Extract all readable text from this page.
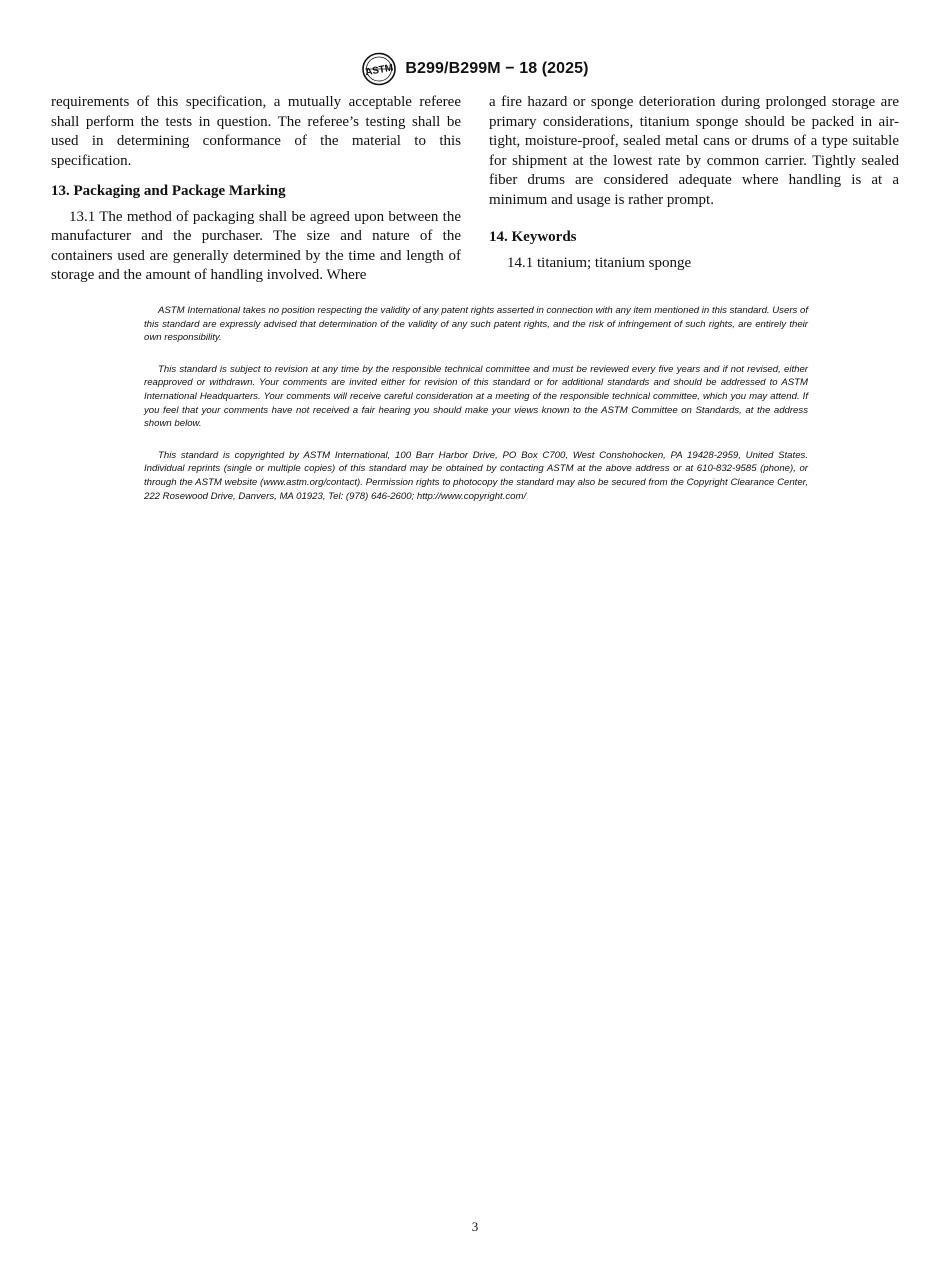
ASTM B299/B299M − 18 (2025)

requirements of this specification, a mutually acceptable referee shall perform the tests in question. The referee’s testing shall be used in determining conformance of the material to this specification.

13. Packaging and Package Marking

13.1 The method of packaging shall be agreed upon between the manufacturer and the purchaser. The size and nature of the containers used are generally determined by the time and length of storage and the amount of handling involved. Where

a fire hazard or sponge deterioration during prolonged storage are primary considerations, titanium sponge should be packed in air-tight, moisture-proof, sealed metal cans or drums of a type suitable for shipment at the lowest rate by common carrier. Tightly sealed fiber drums are considered adequate where handling is at a minimum and usage is rather prompt.

14. Keywords

14.1 titanium; titanium sponge

ASTM International takes no position respecting the validity of any patent rights asserted in connection with any item mentioned in this standard. Users of this standard are expressly advised that determination of the validity of any such patent rights, and the risk of infringement of such rights, are entirely their own responsibility.

This standard is subject to revision at any time by the responsible technical committee and must be reviewed every five years and if not revised, either reapproved or withdrawn. Your comments are invited either for revision of this standard or for additional standards and should be addressed to ASTM International Headquarters. Your comments will receive careful consideration at a meeting of the responsible technical committee, which you may attend. If you feel that your comments have not received a fair hearing you should make your views known to the ASTM Committee on Standards, at the address shown below.

This standard is copyrighted by ASTM International, 100 Barr Harbor Drive, PO Box C700, West Conshohocken, PA 19428-2959, United States. Individual reprints (single or multiple copies) of this standard may be obtained by contacting ASTM at the above address or at 610-832-9585 (phone), or through the ASTM website (www.astm.org/contact). Permission rights to photocopy the standard may also be secured from the Copyright Clearance Center, 222 Rosewood Drive, Danvers, MA 01923, Tel: (978) 646-2600; http://www.copyright.com/

3
